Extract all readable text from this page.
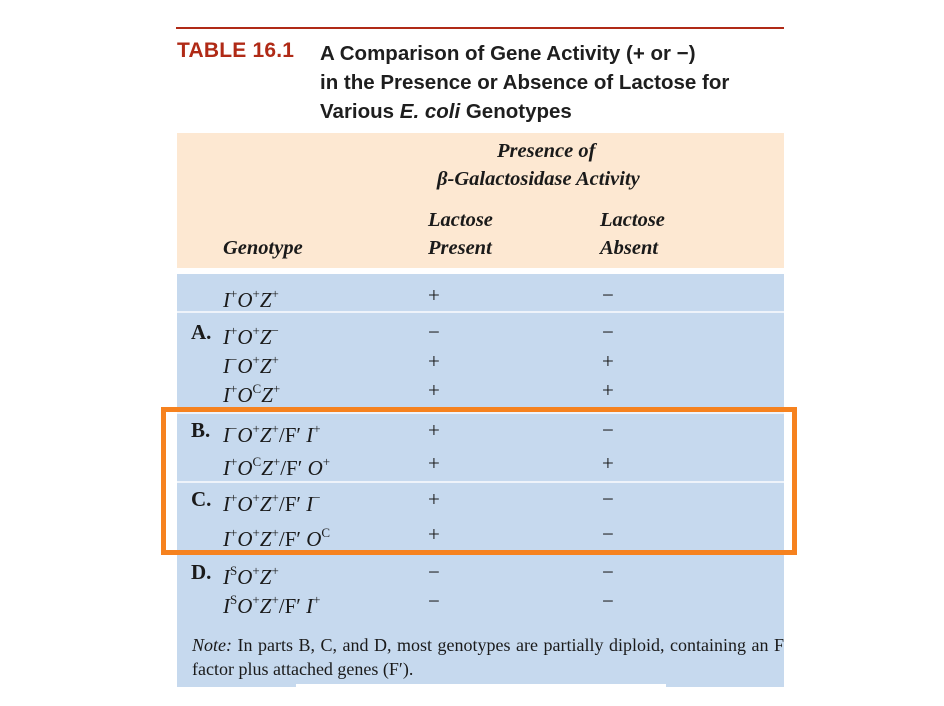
TABLE 16.1 A Comparison of Gene Activity (+ or −)
in the Presence or Absence of Lactose for
Various E. coli Genotypes
Presence of
β-Galactosidase Activity
Lactose
Present
Lactose
Absent
Genotype
I+O+Z+	+	−
A. I+O+Z−	−	−
I−O+Z+	+	+
$I^+O^CZ^+$	+	+
B. I−O+Z+/F′ I+	+	−
$I^+O^CZ^+/F'$ O+	+	+
C. I+O+Z+/F′ I−	+	−
I+O+Z+/F′ $O^C$	+	−
D. $I^SO^+Z^+$	−	−
$I^SO^+Z^+/F'$ I+	−	−
Note: In parts B, C, and D, most genotypes are partially diploid, containing an F factor plus attached genes (F′).
